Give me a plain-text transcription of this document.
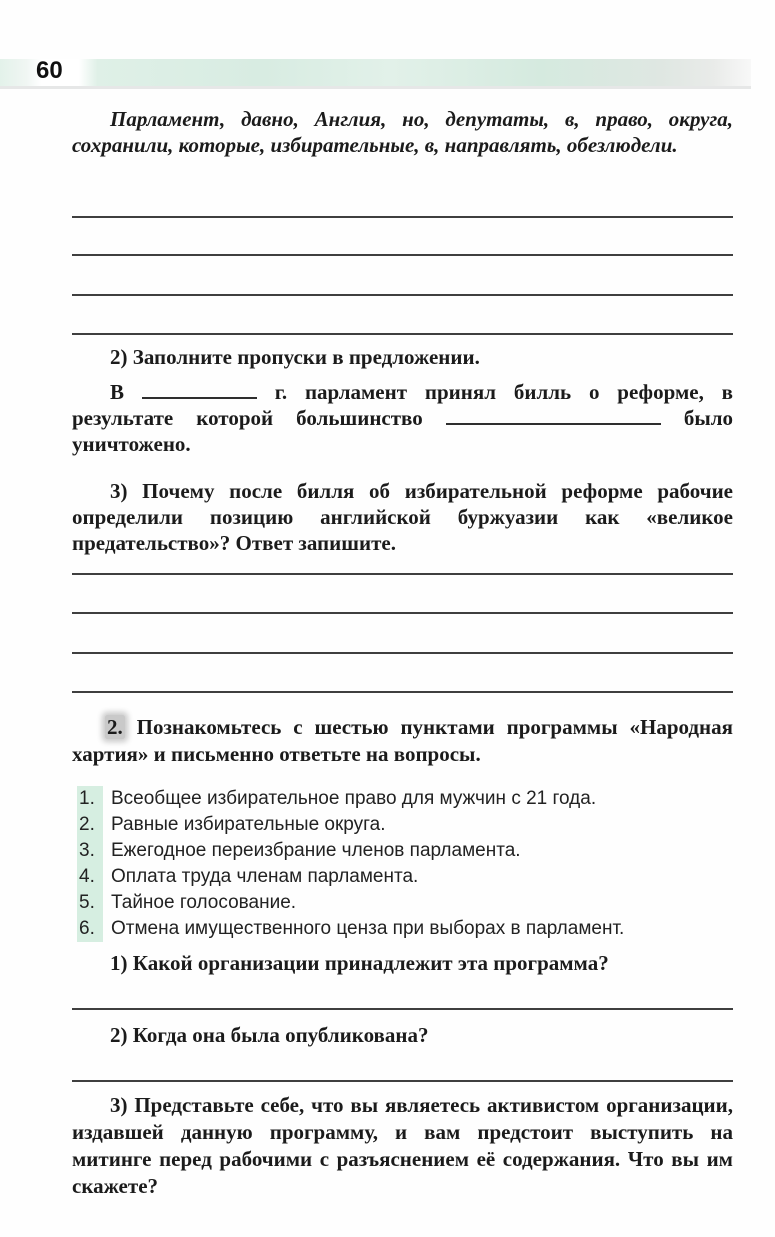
60

Парламент, давно, Англия, но, депутаты, в, право, округа, сохранили, которые, избирательные, в, направлять, обезлюдели.

2) Заполните пропуски в предложении.

В	г. парламент принял билль о реформе, в результате которой большинство	было уничтожено.

3) Почему после билля об избирательной реформе рабочие определили позицию английской буржуазии как «великое предательство»? Ответ запишите.

2. Познакомьтесь с шестью пунктами программы «Народная хартия» и письменно ответьте на вопросы.

1. Всеобщее избирательное право для мужчин с 21 года.
2. Равные избирательные округа.
3. Ежегодное переизбрание членов парламента.
4. Оплата труда членам парламента.
5. Тайное голосование.
6. Отмена имущественного ценза при выборах в парламент.

1) Какой организации принадлежит эта программа?

2) Когда она была опубликована?

3) Представьте себе, что вы являетесь активистом организации, издавшей данную программу, и вам предстоит выступить на митинге перед рабочими с разъяснением её содержания. Что вы им скажете?
